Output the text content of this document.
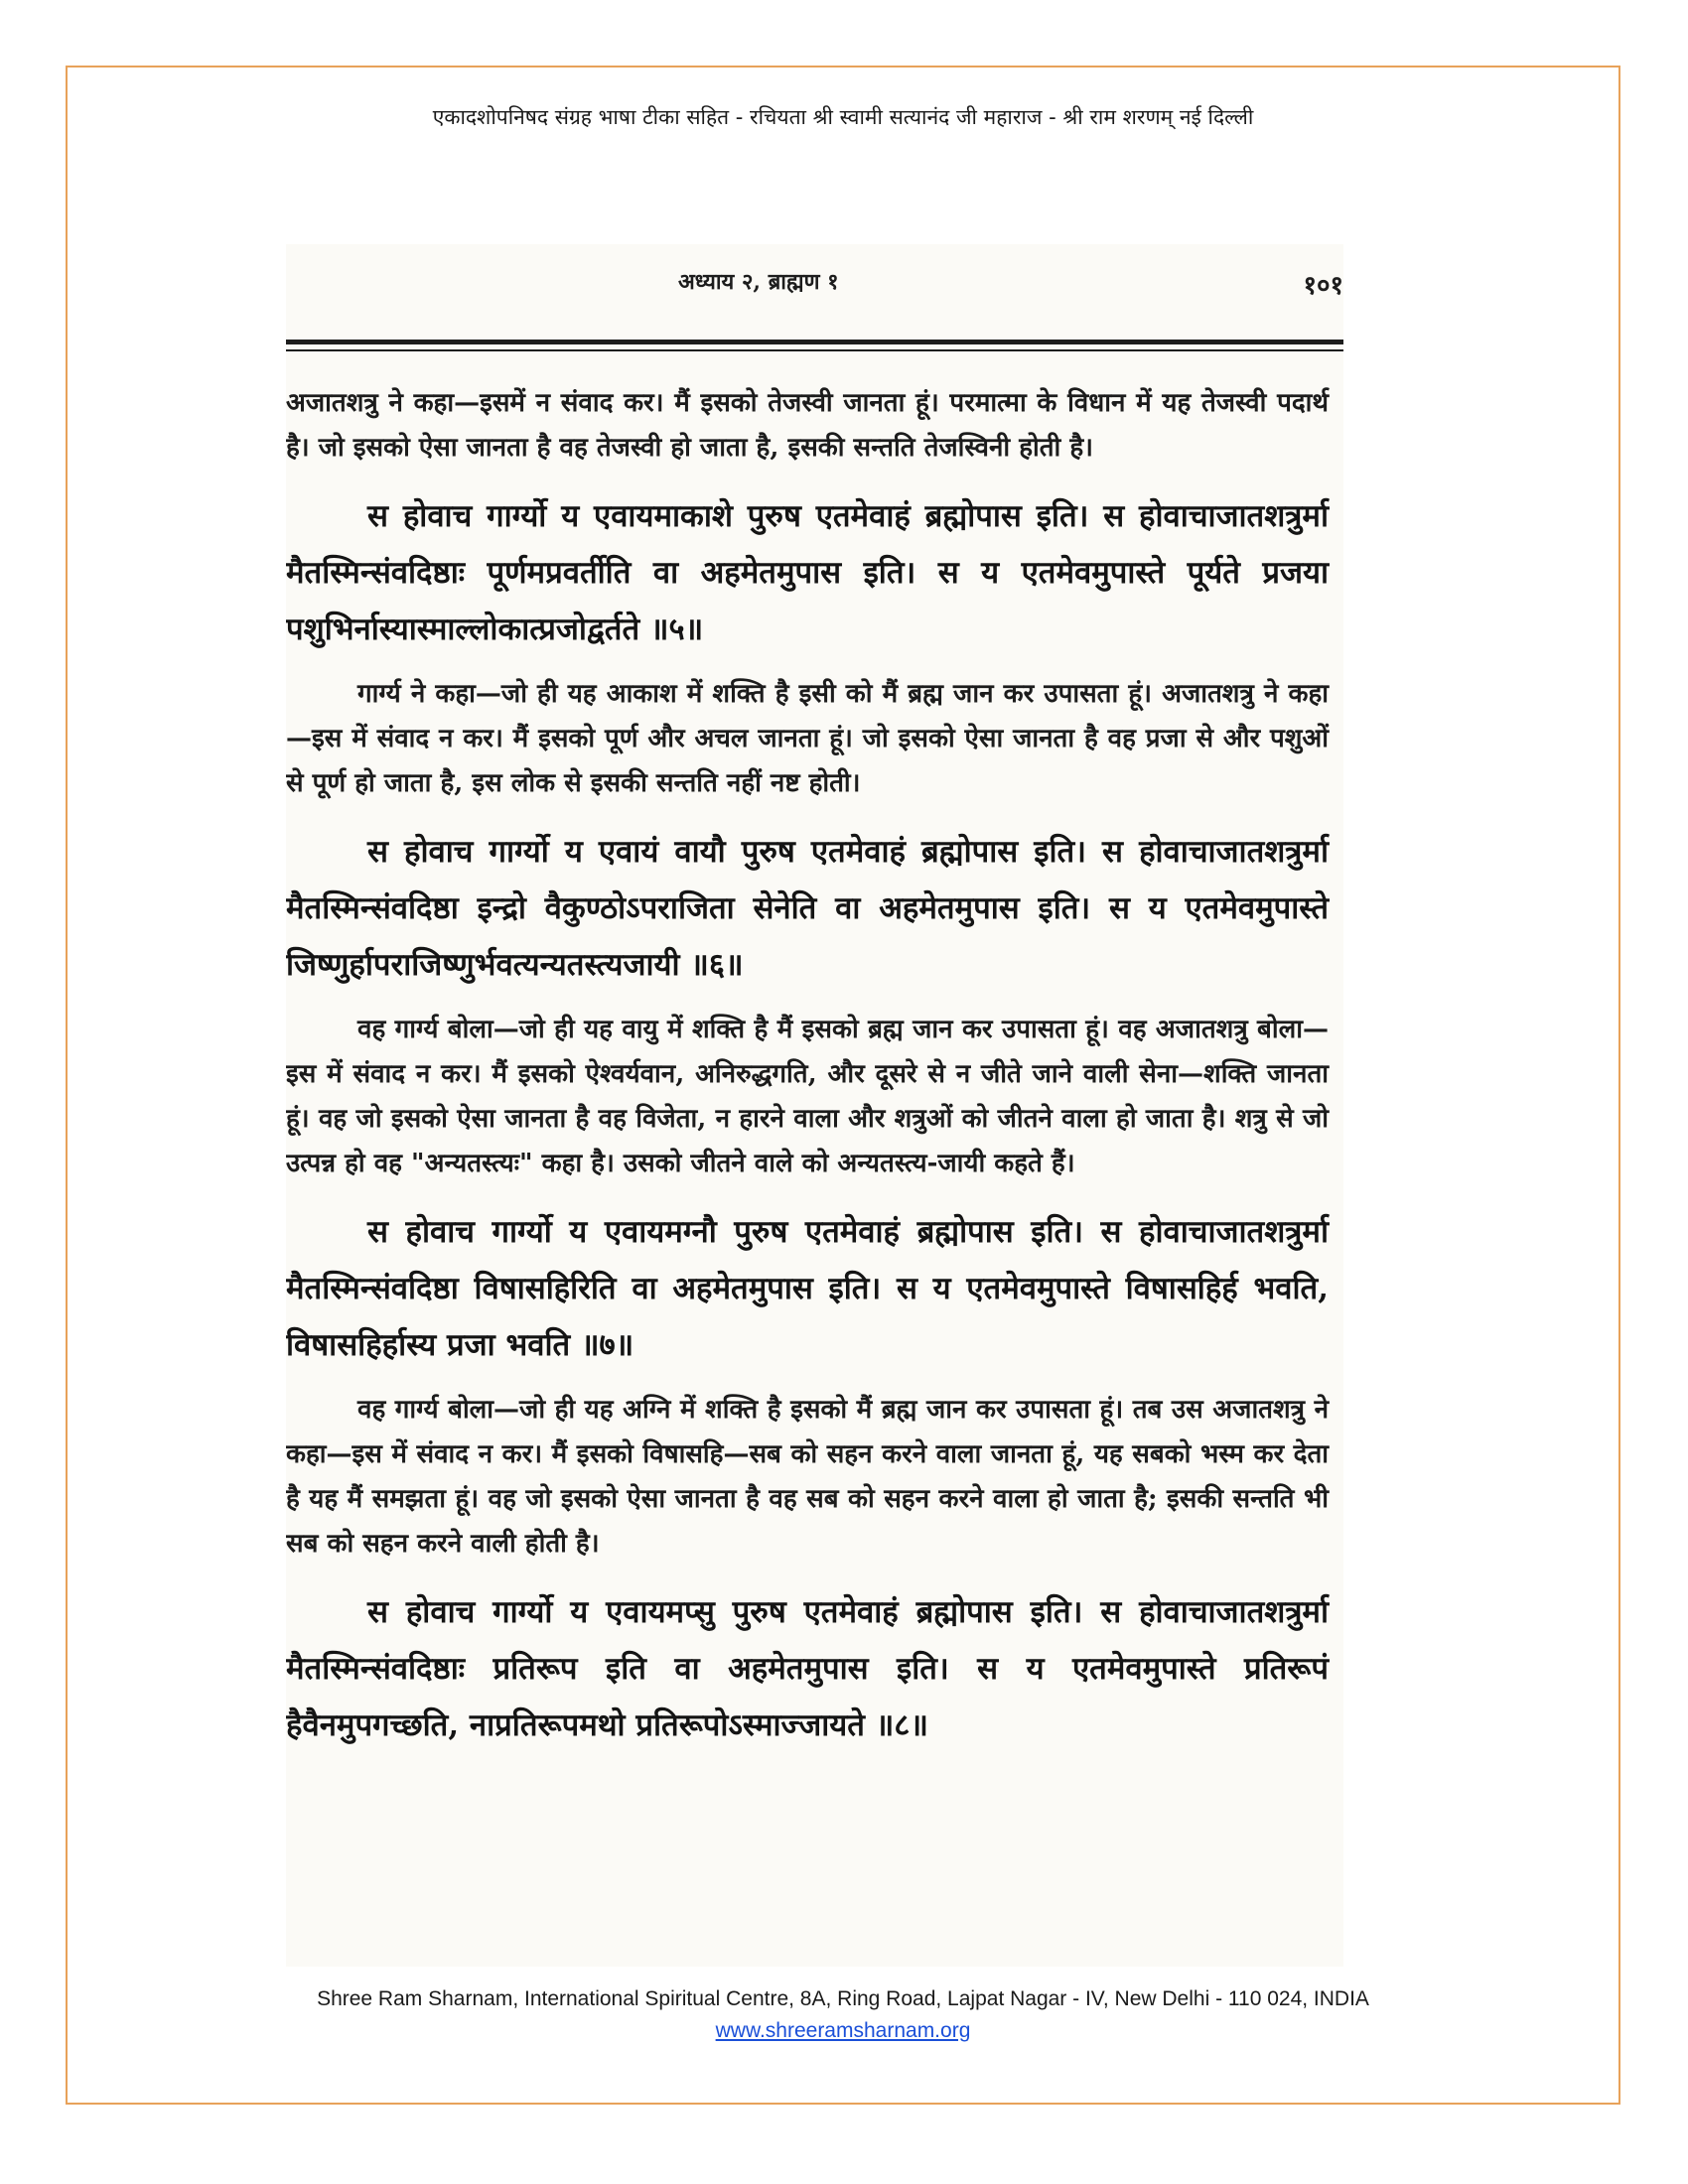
एकादशोपनिषद संग्रह भाषा टीका सहित - रचियता श्री स्वामी सत्यानंद जी महाराज - श्री राम शरणम् नई दिल्ली
अध्याय २, ब्राह्मण १	१०१

अजातशत्रु ने कहा—इसमें न संवाद कर। मैं इसको तेजस्वी जानता हूं। परमात्मा के विधान में यह तेजस्वी पदार्थ है। जो इसको ऐसा जानता है वह तेजस्वी हो जाता है, इसकी सन्तति तेजस्विनी होती है।

स होवाच गार्ग्यो य एवायमाकाशे पुरुष एतमेवाहं ब्रह्मोपास इति। स होवाचाजातशत्रुर्मा मैतस्मिन्संवदिष्ठाः पूर्णमप्रवर्तीति वा अहमेतमुपास इति। स य एतमेवमुपास्ते पूर्यते प्रजया पशुभिर्नास्यास्माल्लोकात्प्रजोद्वर्तते ॥५॥

गार्ग्य ने कहा—जो ही यह आकाश में शक्ति है इसी को मैं ब्रह्म जान कर उपासता हूं। अजातशत्रु ने कहा—इस में संवाद न कर। मैं इसको पूर्ण और अचल जानता हूं। जो इसको ऐसा जानता है वह प्रजा से और पशुओं से पूर्ण हो जाता है, इस लोक से इसकी सन्तति नहीं नष्ट होती।

स होवाच गार्ग्यो य एवायं वायौ पुरुष एतमेवाहं ब्रह्मोपास इति। स होवाचाजातशत्रुर्मा मैतस्मिन्संवदिष्ठा इन्द्रो वैकुण्ठोऽपराजिता सेनेति वा अहमेतमुपास इति। स य एतमेवमुपास्ते जिष्णुर्हापराजिष्णुर्भवत्यन्यतस्त्यजायी ॥६॥

वह गार्ग्य बोला—जो ही यह वायु में शक्ति है मैं इसको ब्रह्म जान कर उपासता हूं। वह अजातशत्रु बोला—इस में संवाद न कर। मैं इसको ऐश्वर्यवान, अनिरुद्धगति, और दूसरे से न जीते जाने वाली सेना—शक्ति जानता हूं। वह जो इसको ऐसा जानता है वह विजेता, न हारने वाला और शत्रुओं को जीतने वाला हो जाता है। शत्रु से जो उत्पन्न हो वह "अन्यतस्त्यः" कहा है। उसको जीतने वाले को अन्यतस्त्य-जायी कहते हैं।

स होवाच गार्ग्यो य एवायमग्नौ पुरुष एतमेवाहं ब्रह्मोपास इति। स होवाचाजातशत्रुर्मा मैतस्मिन्संवदिष्ठा विषासहिरिति वा अहमेतमुपास इति। स य एतमेवमुपास्ते विषासहिर्ह भवति, विषासहिर्हास्य प्रजा भवति ॥७॥

वह गार्ग्य बोला—जो ही यह अग्नि में शक्ति है इसको मैं ब्रह्म जान कर उपासता हूं। तब उस अजातशत्रु ने कहा—इस में संवाद न कर। मैं इसको विषासहि—सब को सहन करने वाला जानता हूं, यह सबको भस्म कर देता है यह मैं समझता हूं। वह जो इसको ऐसा जानता है वह सब को सहन करने वाला हो जाता है; इसकी सन्तति भी सब को सहन करने वाली होती है।

स होवाच गार्ग्यो य एवायमप्सु पुरुष एतमेवाहं ब्रह्मोपास इति। स होवाचाजातशत्रुर्मा मैतस्मिन्संवदिष्ठाः प्रतिरूप इति वा अहमेतमुपास इति। स य एतमेवमुपास्ते प्रतिरूपं हैवैनमुपगच्छति, नाप्रतिरूपमथो प्रतिरूपोऽस्माज्जायते ॥८॥

Shree Ram Sharnam, International Spiritual Centre, 8A, Ring Road, Lajpat Nagar - IV, New Delhi - 110 024, INDIA
www.shreeramsharnam.org
